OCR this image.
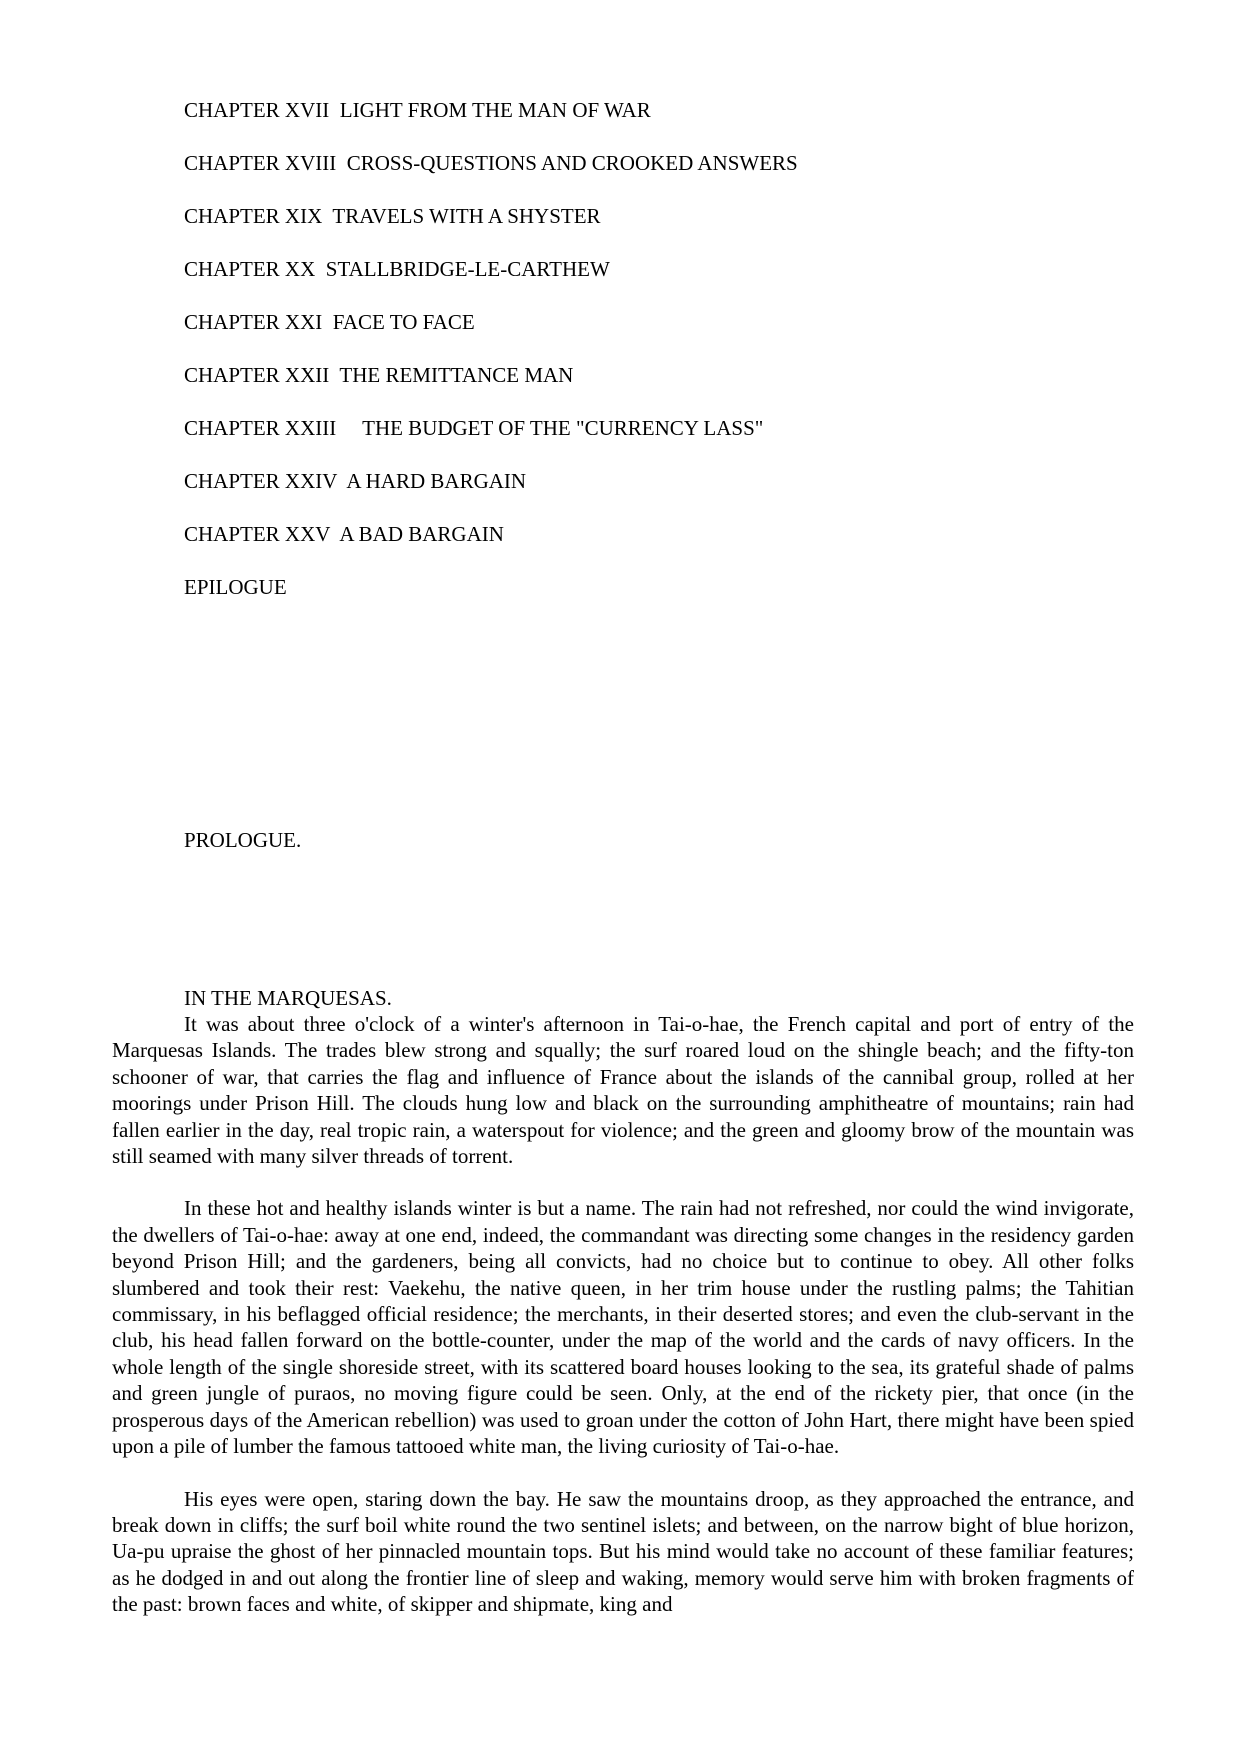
CHAPTER XVII  LIGHT FROM THE MAN OF WAR
CHAPTER XVIII  CROSS-QUESTIONS AND CROOKED ANSWERS
CHAPTER XIX  TRAVELS WITH A SHYSTER
CHAPTER XX  STALLBRIDGE-LE-CARTHEW
CHAPTER XXI  FACE TO FACE
CHAPTER XXII  THE REMITTANCE MAN
CHAPTER XXIII     THE BUDGET OF THE "CURRENCY LASS"
CHAPTER XXIV  A HARD BARGAIN
CHAPTER XXV  A BAD BARGAIN
EPILOGUE
PROLOGUE.
IN THE MARQUESAS.

It was about three o'clock of a winter's afternoon in Tai-o-hae, the French capital and port of entry of the Marquesas Islands. The trades blew strong and squally; the surf roared loud on the shingle beach; and the fifty-ton schooner of war, that carries the flag and influence of France about the islands of the cannibal group, rolled at her moorings under Prison Hill. The clouds hung low and black on the surrounding amphitheatre of mountains; rain had fallen earlier in the day, real tropic rain, a waterspout for violence; and the green and gloomy brow of the mountain was still seamed with many silver threads of torrent.

In these hot and healthy islands winter is but a name. The rain had not refreshed, nor could the wind invigorate, the dwellers of Tai-o-hae: away at one end, indeed, the commandant was directing some changes in the residency garden beyond Prison Hill; and the gardeners, being all convicts, had no choice but to continue to obey. All other folks slumbered and took their rest: Vaekehu, the native queen, in her trim house under the rustling palms; the Tahitian commissary, in his beflagged official residence; the merchants, in their deserted stores; and even the club-servant in the club, his head fallen forward on the bottle-counter, under the map of the world and the cards of navy officers. In the whole length of the single shoreside street, with its scattered board houses looking to the sea, its grateful shade of palms and green jungle of puraos, no moving figure could be seen. Only, at the end of the rickety pier, that once (in the prosperous days of the American rebellion) was used to groan under the cotton of John Hart, there might have been spied upon a pile of lumber the famous tattooed white man, the living curiosity of Tai-o-hae.

His eyes were open, staring down the bay. He saw the mountains droop, as they approached the entrance, and break down in cliffs; the surf boil white round the two sentinel islets; and between, on the narrow bight of blue horizon, Ua-pu upraise the ghost of her pinnacled mountain tops. But his mind would take no account of these familiar features; as he dodged in and out along the frontier line of sleep and waking, memory would serve him with broken fragments of the past: brown faces and white, of skipper and shipmate, king and
